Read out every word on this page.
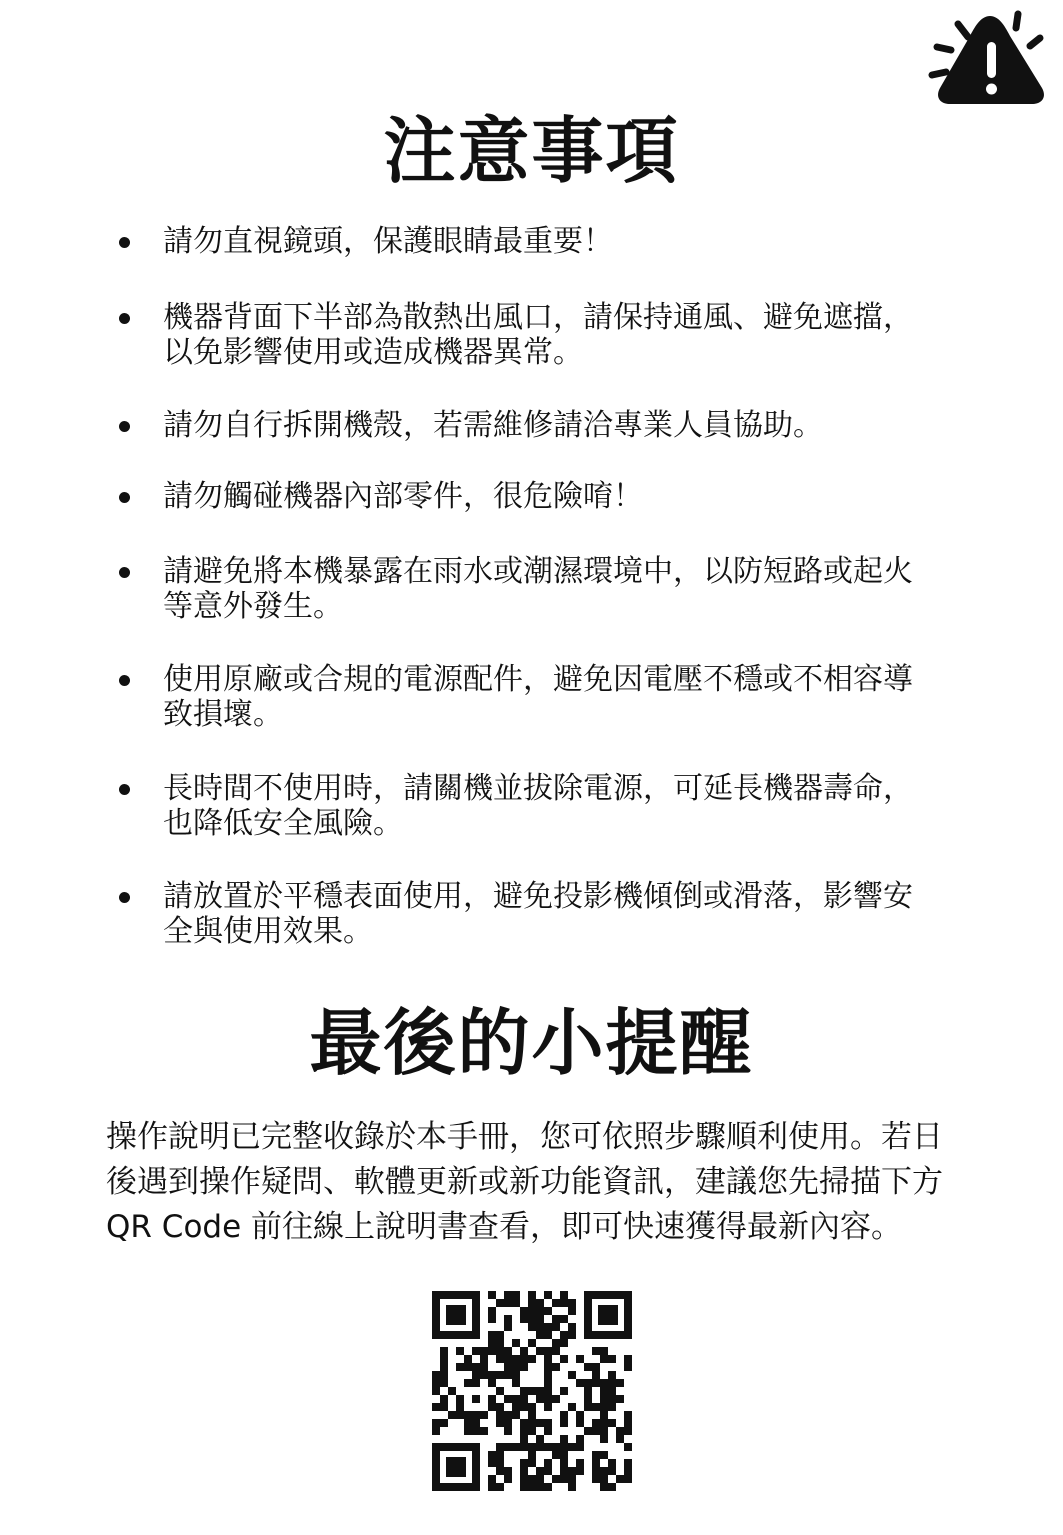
注意事項

請勿直視鏡頭，保護眼睛最重要！

機器背面下半部為散熱出風口，請保持通風、避免遮擋，以免影響使用或造成機器異常。

請勿自行拆開機殼，若需維修請洽專業人員協助。

請勿觸碰機器內部零件，很危險唷！

請避免將本機暴露在雨水或潮濕環境中，以防短路或起火等意外發生。

使用原廠或合規的電源配件，避免因電壓不穩或不相容導致損壞。

長時間不使用時，請關機並拔除電源，可延長機器壽命，也降低安全風險。

請放置於平穩表面使用，避免投影機傾倒或滑落，影響安全與使用效果。

最後的小提醒

操作說明已完整收錄於本手冊，您可依照步驟順利使用。若日後遇到操作疑問、軟體更新或新功能資訊，建議您先掃描下方 QR Code 前往線上說明書查看，即可快速獲得最新內容。
